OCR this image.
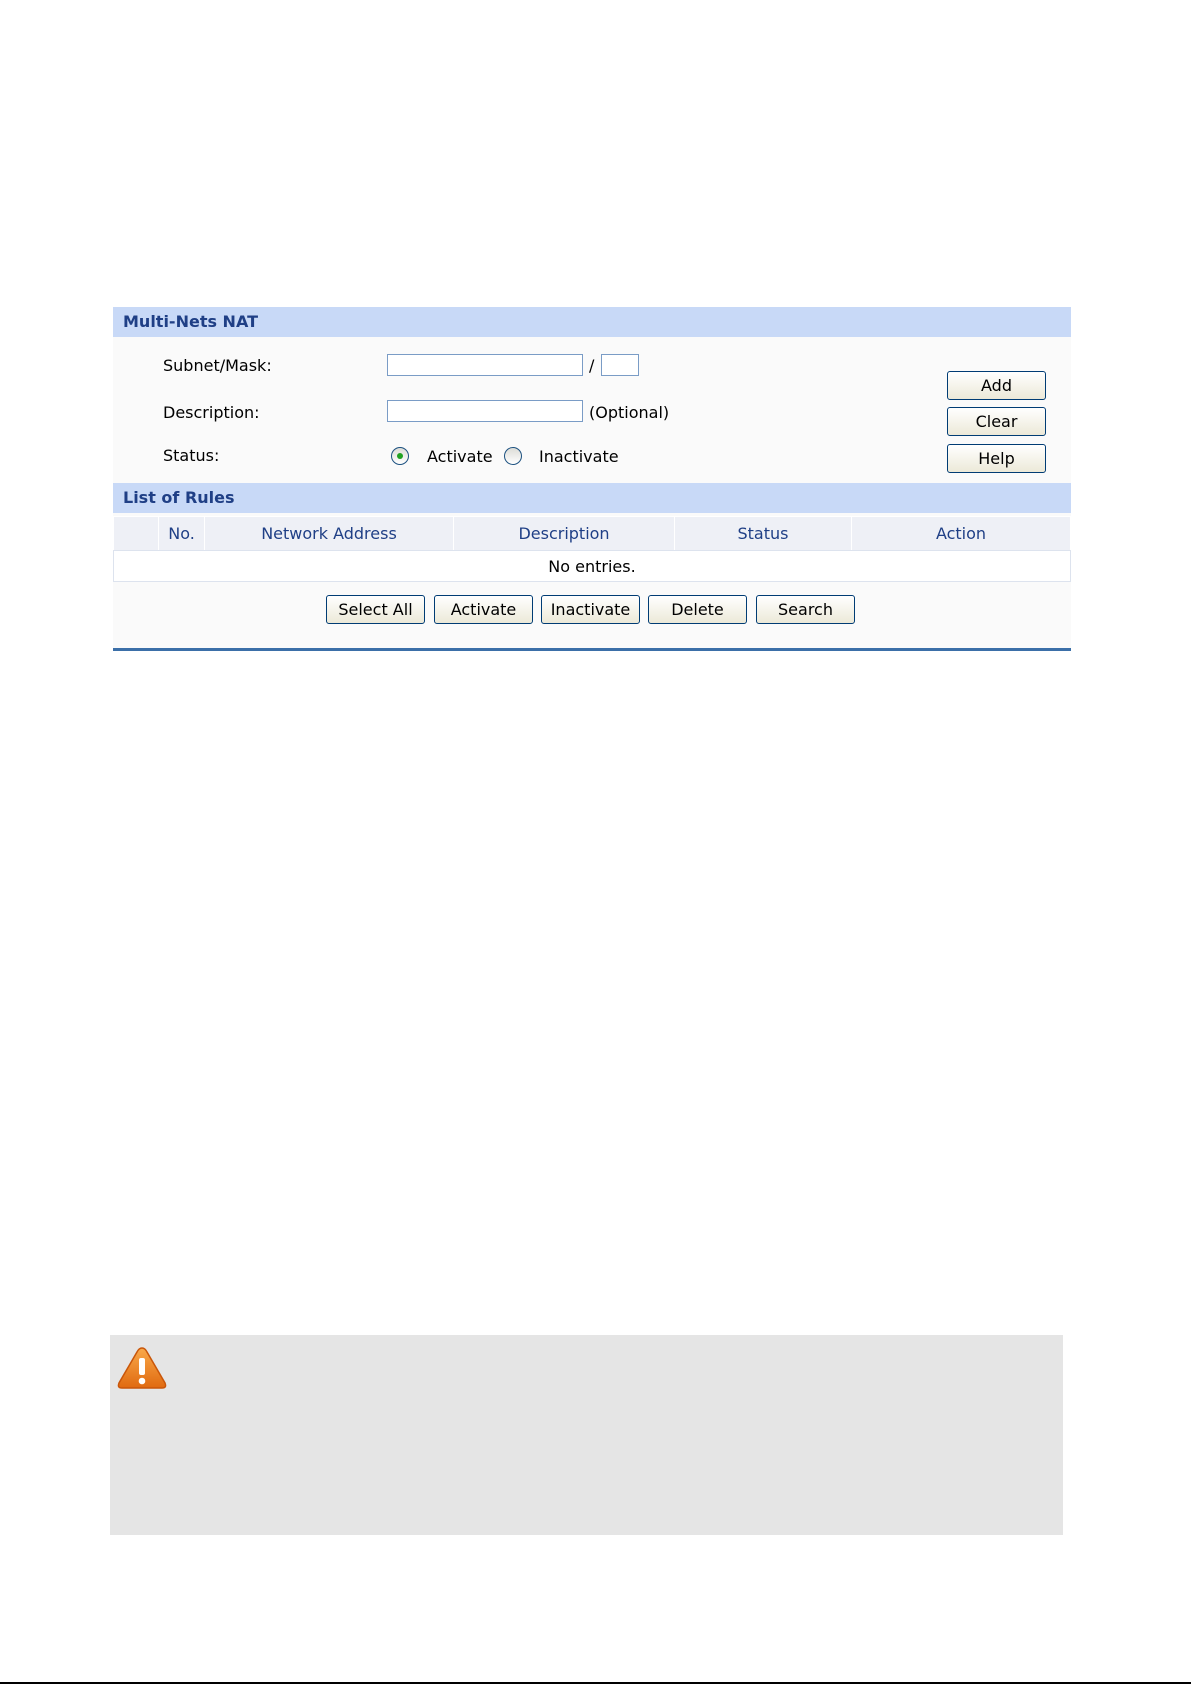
Multi-Nets NAT
Subnet/Mask:	/
Description:	(Optional)
Status:	Activate	Inactivate
Add
Clear
Help
List of Rules
	No.	Network Address	Description	Status	Action
No entries.
Select All	Activate	Inactivate	Delete	Search
